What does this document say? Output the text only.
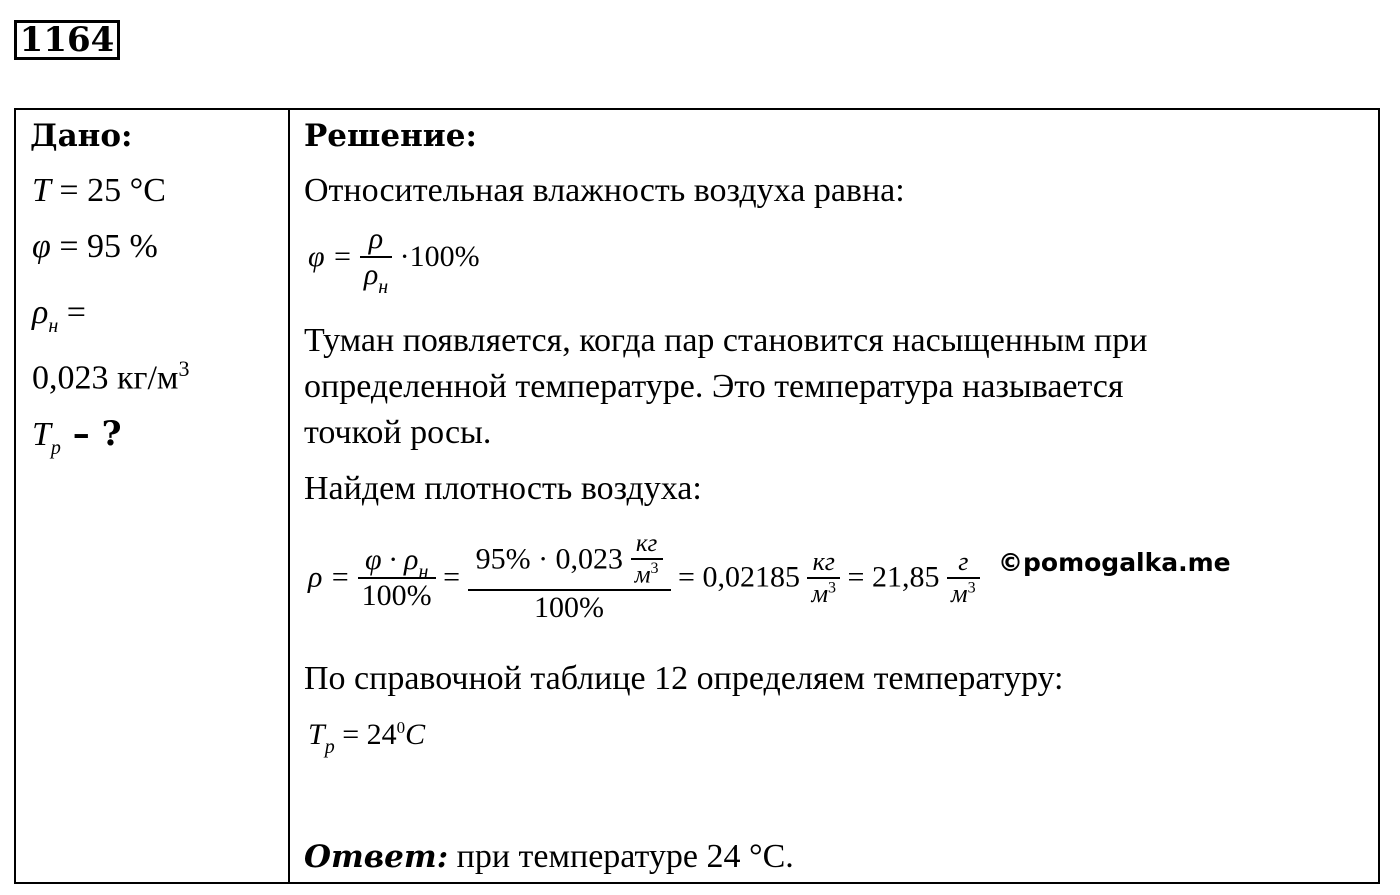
1164
Дано:
T = 25 °C
φ = 95 %
$\rho_н$ =
0,023 $кг/м^3$
$T_p$ – ?
Решение:
Относительная влажность воздуха равна:
$\varphi = \frac{\rho}{\rho_н} \cdot 100\%$
Туман появляется, когда пар становится насыщенным при
определенной температуре. Это температура называется
точкой росы.
Найдем плотность воздуха:
$\rho = \frac{\varphi \cdot \rho_н}{100\%} = \frac{95\% \cdot 0,023 \frac{кг}{м^3}}{100\%} = 0,02185 \frac{кг}{м^3} = 21,85 \frac{г}{м^3}$ ©pomogalka.me
По справочной таблице 12 определяем температуру:
$T_p = 24^0C$
Ответ: при температуре 24 °С.
